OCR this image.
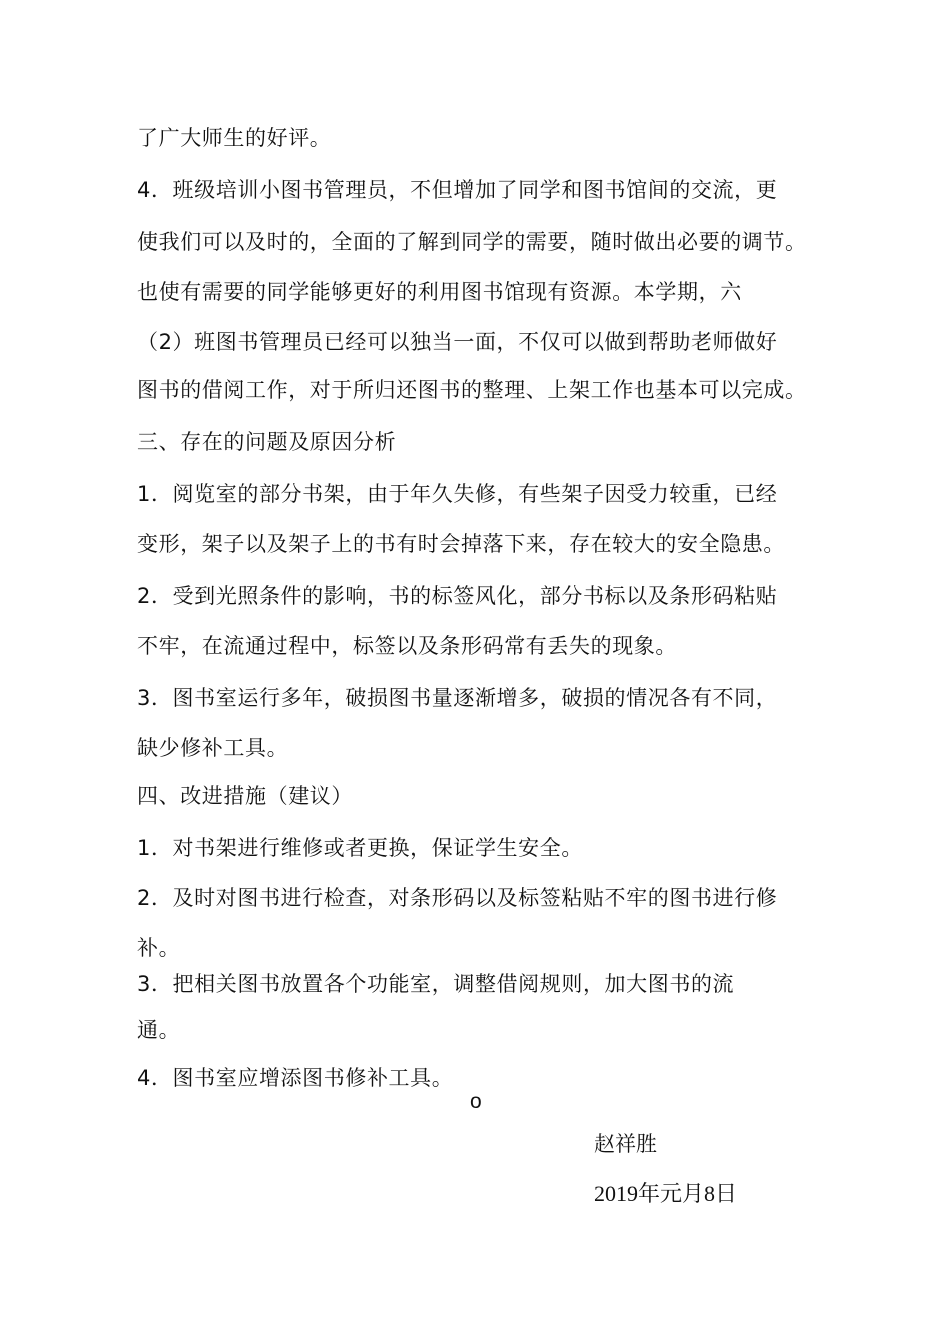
了广大师生的好评。
4．班级培训小图书管理员，不但增加了同学和图书馆间的交流，更
使我们可以及时的，全面的了解到同学的需要，随时做出必要的调节。
也使有需要的同学能够更好的利用图书馆现有资源。本学期，六
（2）班图书管理员已经可以独当一面，不仅可以做到帮助老师做好
图书的借阅工作，对于所归还图书的整理、上架工作也基本可以完成。
三、存在的问题及原因分析
1．阅览室的部分书架，由于年久失修，有些架子因受力较重，已经
变形，架子以及架子上的书有时会掉落下来，存在较大的安全隐患。
2．受到光照条件的影响，书的标签风化，部分书标以及条形码粘贴
不牢，在流通过程中，标签以及条形码常有丢失的现象。
3．图书室运行多年，破损图书量逐渐增多，破损的情况各有不同，
缺少修补工具。
四、改进措施（建议）
1．对书架进行维修或者更换，保证学生安全。
2．及时对图书进行检查，对条形码以及标签粘贴不牢的图书进行修
补。
3．把相关图书放置各个功能室，调整借阅规则，加大图书的流
通。
4．图书室应增添图书修补工具。
o
赵祥胜
2019年元月8日
